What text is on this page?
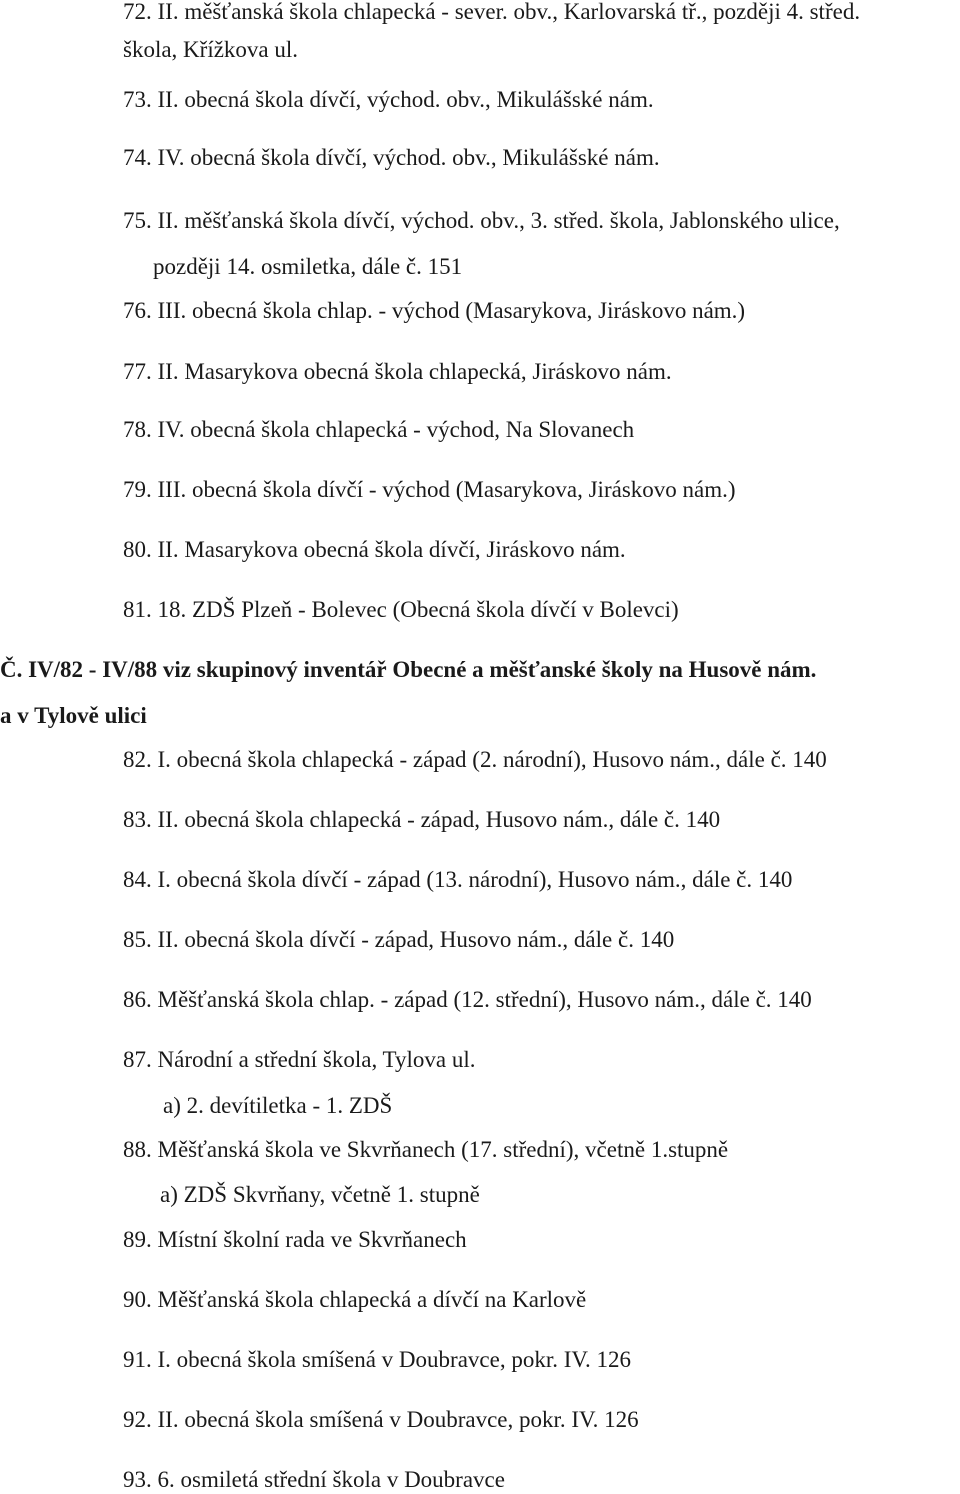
72. II. měšťanská škola chlapecká - sever. obv., Karlovarská tř., později 4. střed.
škola, Křížkova ul.
73. II. obecná škola dívčí, východ. obv., Mikulášské nám.
74. IV. obecná škola dívčí, východ. obv., Mikulášské nám.
75. II. měšťanská škola dívčí, východ. obv., 3. střed. škola, Jablonského ulice,
později 14. osmiletka, dále č. 151
76. III. obecná škola chlap. - východ (Masarykova, Jiráskovo nám.)
77. II. Masarykova obecná škola chlapecká, Jiráskovo nám.
78. IV. obecná škola chlapecká - východ, Na Slovanech
79. III. obecná škola dívčí - východ (Masarykova, Jiráskovo nám.)
80. II. Masarykova obecná škola dívčí, Jiráskovo nám.
81. 18. ZDŠ Plzeň - Bolevec (Obecná škola dívčí v Bolevci)
Č. IV/82 - IV/88 viz skupinový inventář Obecné a měšťanské školy na Husově nám.
a v Tylově ulici
82. I. obecná škola chlapecká - západ (2. národní), Husovo nám., dále č. 140
83. II. obecná škola chlapecká - západ, Husovo nám., dále č. 140
84. I. obecná škola dívčí - západ (13. národní), Husovo nám., dále č. 140
85. II. obecná škola dívčí - západ, Husovo nám., dále č. 140
86. Měšťanská škola chlap. - západ (12. střední), Husovo nám., dále č. 140
87. Národní a střední škola, Tylova ul.
a) 2. devítiletka - 1. ZDŠ
88. Měšťanská škola ve Skvrňanech (17. střední), včetně 1.stupně
a) ZDŠ Skvrňany, včetně 1. stupně
89. Místní školní rada ve Skvrňanech
90. Měšťanská škola chlapecká a dívčí na Karlově
91. I. obecná škola smíšená v Doubravce, pokr. IV. 126
92. II. obecná škola smíšená v Doubravce, pokr. IV. 126
93. 6. osmiletá střední škola v Doubravce
